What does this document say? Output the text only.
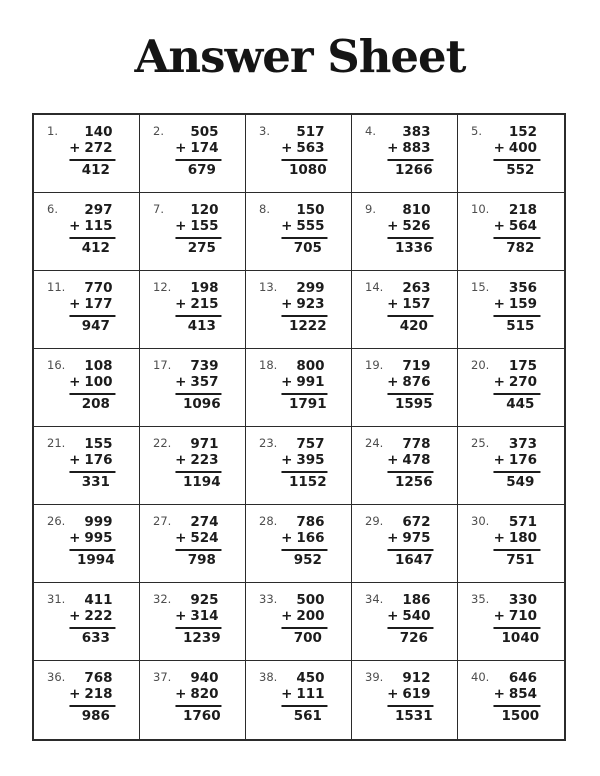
Answer Sheet
1.	140
+ 272
412
2.	505
+ 174
679
3.	517
+ 563
1080
4.	383
+ 883
1266
5.	152
+ 400
552
6.	297
+ 115
412
7.	120
+ 155
275
8.	150
+ 555
705
9.	810
+ 526
1336
10.	218
+ 564
782
11.	770
+ 177
947
12.	198
+ 215
413
13.	299
+ 923
1222
14.	263
+ 157
420
15.	356
+ 159
515
16.	108
+ 100
208
17.	739
+ 357
1096
18.	800
+ 991
1791
19.	719
+ 876
1595
20.	175
+ 270
445
21.	155
+ 176
331
22.	971
+ 223
1194
23.	757
+ 395
1152
24.	778
+ 478
1256
25.	373
+ 176
549
26.	999
+ 995
1994
27.	274
+ 524
798
28.	786
+ 166
952
29.	672
+ 975
1647
30.	571
+ 180
751
31.	411
+ 222
633
32.	925
+ 314
1239
33.	500
+ 200
700
34.	186
+ 540
726
35.	330
+ 710
1040
36.	768
+ 218
986
37.	940
+ 820
1760
38.	450
+ 111
561
39.	912
+ 619
1531
40.	646
+ 854
1500
